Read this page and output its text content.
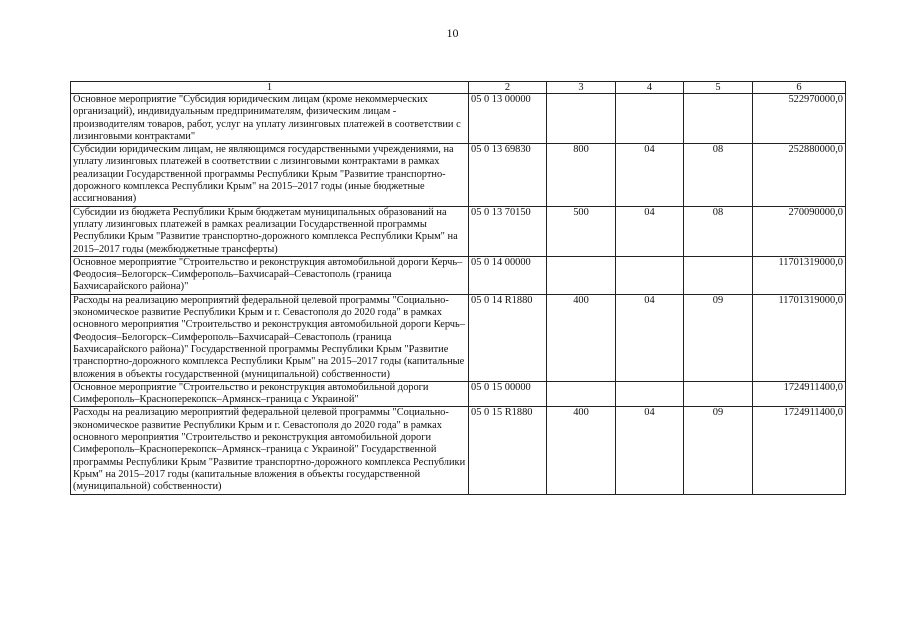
10
1	2	3	4	5	6
Основное мероприятие "Субсидия юридическим лицам (кроме некоммерческих организаций), индивидуальным предпринимателям, физическим лицам - производителям товаров, работ, услуг на уплату лизинговых платежей в соответствии с лизинговыми контрактами"	05 0 13 00000				522970000,0
Субсидии юридическим лицам, не являющимся государственными учреждениями, на уплату лизинговых платежей в соответствии с лизинговыми контрактами в рамках реализации Государственной программы Республики Крым "Развитие транспортно-дорожного комплекса Республики Крым" на 2015–2017 годы (иные бюджетные ассигнования)	05 0 13 69830	800	04	08	252880000,0
Субсидии из бюджета Республики Крым бюджетам муниципальных образований на уплату лизинговых платежей в рамках реализации Государственной программы Республики Крым "Развитие транспортно-дорожного комплекса Республики Крым" на 2015–2017 годы (межбюджетные трансферты)	05 0 13 70150	500	04	08	270090000,0
Основное мероприятие "Строительство и реконструкция автомобильной дороги Керчь–Феодосия–Белогорск–Симферополь–Бахчисарай–Севастополь (граница Бахчисарайского района)"	05 0 14 00000				11701319000,0
Расходы на реализацию мероприятий федеральной целевой программы "Социально-экономическое развитие Республики Крым и г. Севастополя до 2020 года" в рамках основного мероприятия "Строительство и реконструкция автомобильной дороги Керчь–Феодосия–Белогорск–Симферополь–Бахчисарай–Севастополь (граница Бахчисарайского района)" Государственной программы Республики Крым "Развитие транспортно-дорожного комплекса Республики Крым" на 2015–2017 годы (капитальные вложения в объекты государственной (муниципальной) собственности)	05 0 14 R1880	400	04	09	11701319000,0
Основное мероприятие "Строительство и реконструкция автомобильной дороги Симферополь–Красноперекопск–Армянск–граница с Украиной"	05 0 15 00000				1724911400,0
Расходы на реализацию мероприятий федеральной целевой программы "Социально-экономическое развитие Республики Крым и г. Севастополя до 2020 года" в рамках основного мероприятия "Строительство и реконструкция автомобильной дороги Симферополь–Красноперекопск–Армянск–граница с Украиной" Государственной программы Республики Крым "Развитие транспортно-дорожного комплекса Республики Крым" на 2015–2017 годы (капитальные вложения в объекты государственной (муниципальной) собственности)	05 0 15 R1880	400	04	09	1724911400,0
